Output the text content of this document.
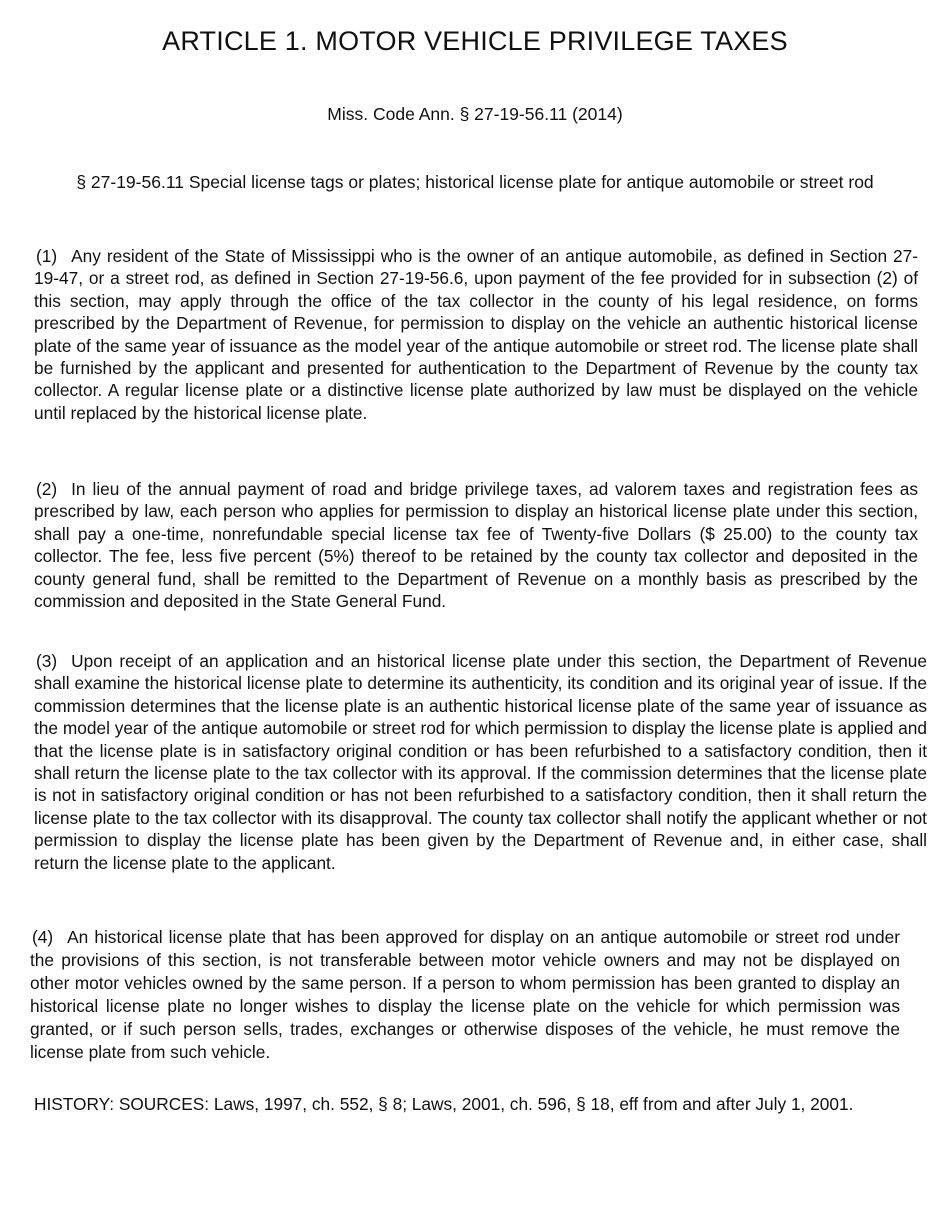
ARTICLE 1. MOTOR VEHICLE PRIVILEGE TAXES
Miss. Code Ann. § 27-19-56.11 (2014)
§ 27-19-56.11 Special license tags or plates; historical license plate for antique automobile or street rod
(1) Any resident of the State of Mississippi who is the owner of an antique automobile, as defined in Section 27-19-47, or a street rod, as defined in Section 27-19-56.6, upon payment of the fee provided for in subsection (2) of this section, may apply through the office of the tax collector in the county of his legal residence, on forms prescribed by the Department of Revenue, for permission to display on the vehicle an authentic historical license plate of the same year of issuance as the model year of the antique automobile or street rod. The license plate shall be furnished by the applicant and presented for authentication to the Department of Revenue by the county tax collector. A regular license plate or a distinctive license plate authorized by law must be displayed on the vehicle until replaced by the historical license plate.
(2) In lieu of the annual payment of road and bridge privilege taxes, ad valorem taxes and registration fees as prescribed by law, each person who applies for permission to display an historical license plate under this section, shall pay a one-time, nonrefundable special license tax fee of Twenty-five Dollars ($ 25.00) to the county tax collector. The fee, less five percent (5%) thereof to be retained by the county tax collector and deposited in the county general fund, shall be remitted to the Department of Revenue on a monthly basis as prescribed by the commission and deposited in the State General Fund.
(3) Upon receipt of an application and an historical license plate under this section, the Department of Revenue shall examine the historical license plate to determine its authenticity, its condition and its original year of issue. If the commission determines that the license plate is an authentic historical license plate of the same year of issuance as the model year of the antique automobile or street rod for which permission to display the license plate is applied and that the license plate is in satisfactory original condition or has been refurbished to a satisfactory condition, then it shall return the license plate to the tax collector with its approval. If the commission determines that the license plate is not in satisfactory original condition or has not been refurbished to a satisfactory condition, then it shall return the license plate to the tax collector with its disapproval. The county tax collector shall notify the applicant whether or not permission to display the license plate has been given by the Department of Revenue and, in either case, shall return the license plate to the applicant.
(4) An historical license plate that has been approved for display on an antique automobile or street rod under the provisions of this section, is not transferable between motor vehicle owners and may not be displayed on other motor vehicles owned by the same person. If a person to whom permission has been granted to display an historical license plate no longer wishes to display the license plate on the vehicle for which permission was granted, or if such person sells, trades, exchanges or otherwise disposes of the vehicle, he must remove the license plate from such vehicle.
HISTORY: SOURCES: Laws, 1997, ch. 552, § 8; Laws, 2001, ch. 596, § 18, eff from and after July 1, 2001.
